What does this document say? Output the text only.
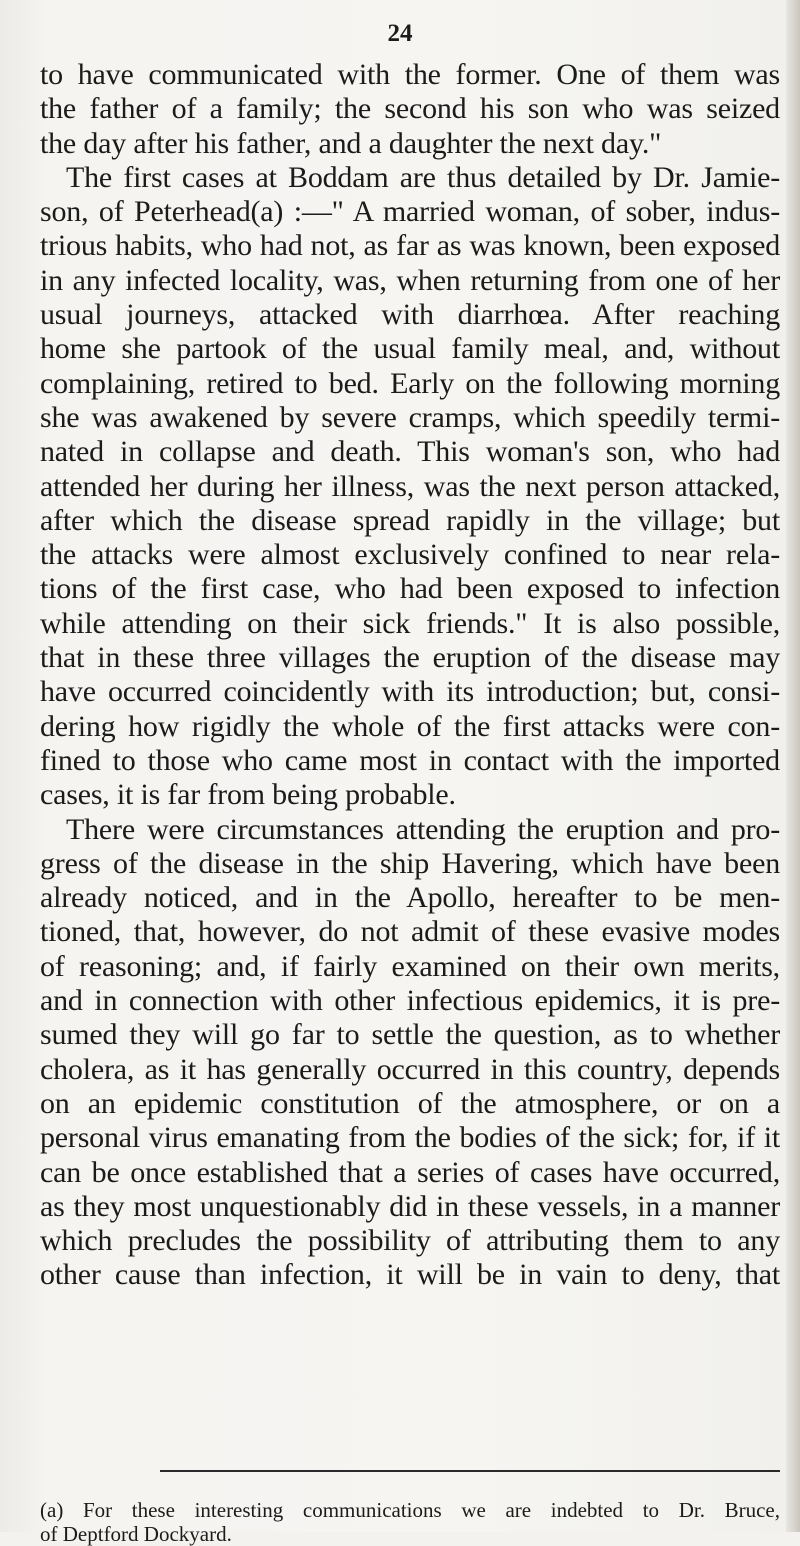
24
to have communicated with the former. One of them was
the father of a family; the second his son who was seized
the day after his father, and a daughter the next day."
The first cases at Boddam are thus detailed by Dr. Jamie-
son, of Peterhead(a) :—" A married woman, of sober, indus-
trious habits, who had not, as far as was known, been exposed
in any infected locality, was, when returning from one of her
usual journeys, attacked with diarrhœa. After reaching
home she partook of the usual family meal, and, without
complaining, retired to bed. Early on the following morning
she was awakened by severe cramps, which speedily termi-
nated in collapse and death. This woman's son, who had
attended her during her illness, was the next person attacked,
after which the disease spread rapidly in the village; but
the attacks were almost exclusively confined to near rela-
tions of the first case, who had been exposed to infection
while attending on their sick friends." It is also possible,
that in these three villages the eruption of the disease may
have occurred coincidently with its introduction; but, consi-
dering how rigidly the whole of the first attacks were con-
fined to those who came most in contact with the imported
cases, it is far from being probable.
There were circumstances attending the eruption and pro-
gress of the disease in the ship Havering, which have been
already noticed, and in the Apollo, hereafter to be men-
tioned, that, however, do not admit of these evasive modes
of reasoning; and, if fairly examined on their own merits,
and in connection with other infectious epidemics, it is pre-
sumed they will go far to settle the question, as to whether
cholera, as it has generally occurred in this country, depends
on an epidemic constitution of the atmosphere, or on a
personal virus emanating from the bodies of the sick; for, if it
can be once established that a series of cases have occurred,
as they most unquestionably did in these vessels, in a manner
which precludes the possibility of attributing them to any
other cause than infection, it will be in vain to deny, that
(a) For these interesting communications we are indebted to Dr. Bruce,
of Deptford Dockyard.
